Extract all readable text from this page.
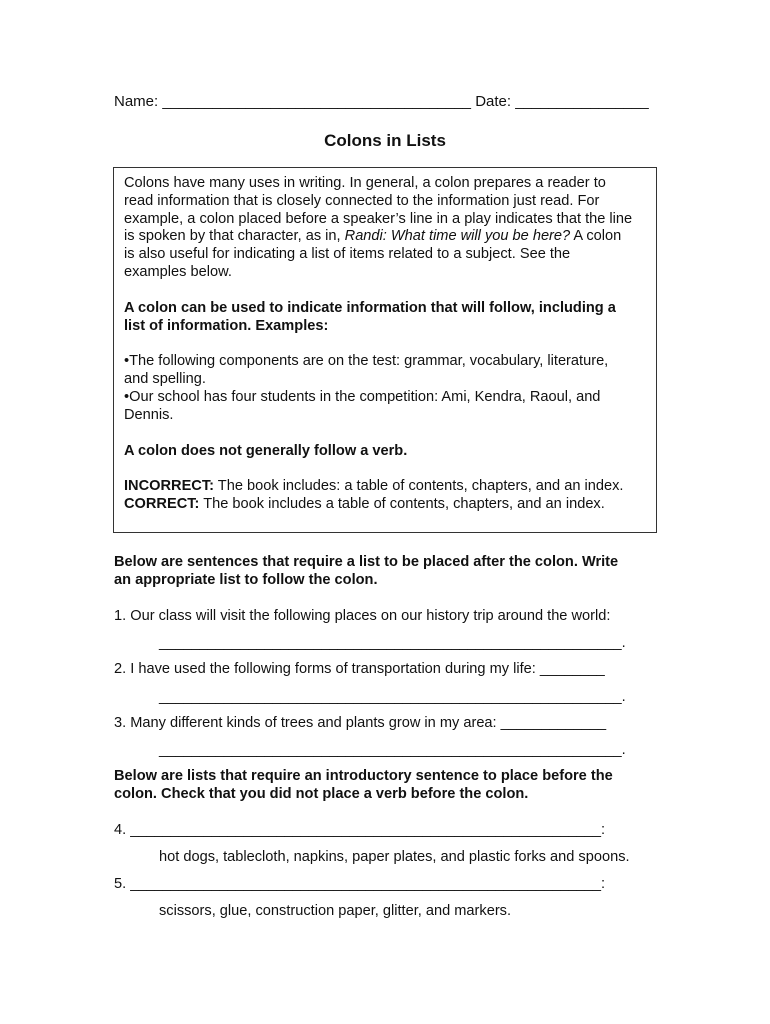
Name: _____________________________________ Date: ________________
Colons in Lists

Colons have many uses in writing. In general, a colon prepares a reader to

read information that is closely connected to the information just read. For

example, a colon placed before a speaker’s line in a play indicates that the line

is spoken by that character, as in, Randi: What time will you be here? A colon

is also useful for indicating a list of items related to a subject. See the

examples below.

A colon can be used to indicate information that will follow, including a

list of information. Examples:

•The following components are on the test: grammar, vocabulary, literature,

and spelling.

•Our school has four students in the competition: Ami, Kendra, Raoul, and

Dennis.

A colon does not generally follow a verb.

INCORRECT: The book includes: a table of contents, chapters, and an index.

CORRECT: The book includes a table of contents, chapters, and an index.

Below are sentences that require a list to be placed after the colon. Write
an appropriate list to follow the colon.
1. Our class will visit the following places on our history trip around the world:
_________________________________________________________.
2. I have used the following forms of transportation during my life: ________
_________________________________________________________.
3. Many different kinds of trees and plants grow in my area: _____________
_________________________________________________________.
Below are lists that require an introductory sentence to place before the
colon. Check that you did not place a verb before the colon.
4. __________________________________________________________:
hot dogs, tablecloth, napkins, paper plates, and plastic forks and spoons.
5. __________________________________________________________:
scissors, glue, construction paper, glitter, and markers.
